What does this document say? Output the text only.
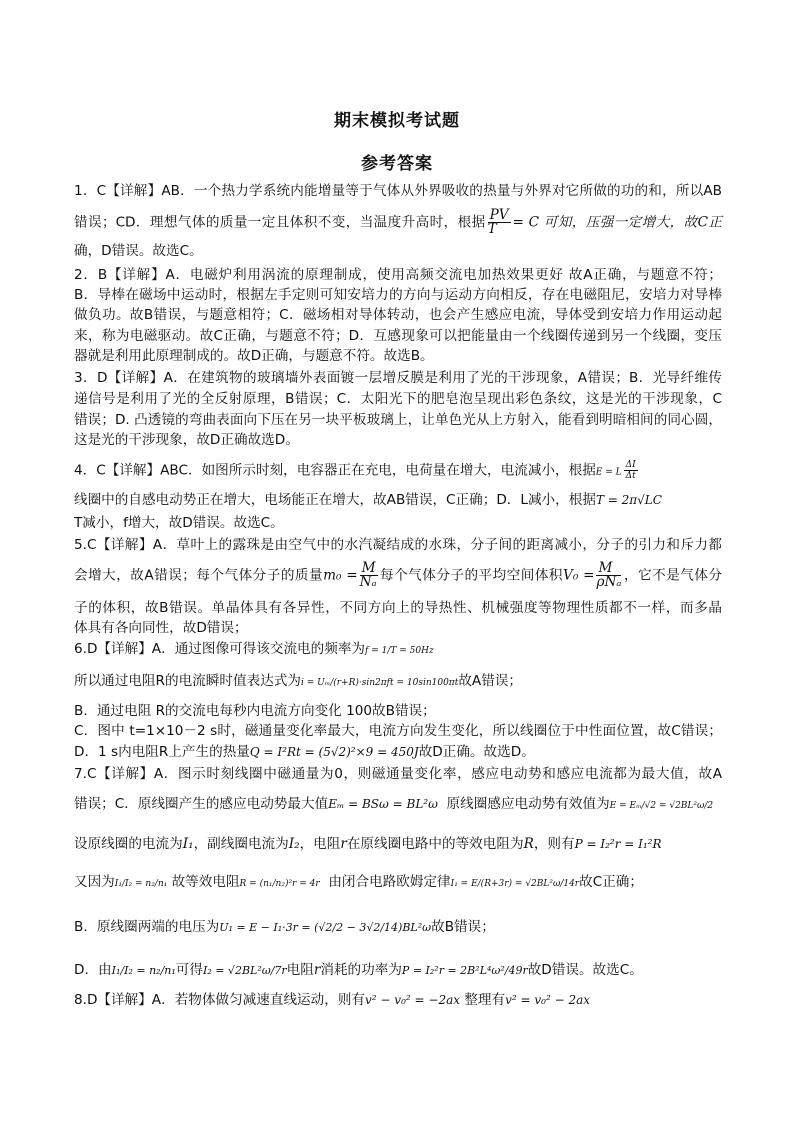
期末模拟考试题
参考答案
1．C【详解】AB．一个热力学系统内能增量等于气体从外界吸收的热量与外界对它所做的功的和，所以AB
错误；CD．理想气体的质量一定且体积不变，当温度升高时，根据 $\frac{PV}{T} = C$ 可知，压强一定增大，故C正
确，D错误。故选C。
2．B【详解】A．电磁炉利用涡流的原理制成，使用高频交流电加热效果更好 故A正确，与题意不符；
B．导棒在磁场中运动时，根据左手定则可知安培力的方向与运动方向相反，存在电磁阻尼，安培力对导棒
做负功。故B错误，与题意相符；C．磁场相对导体转动，也会产生感应电流，导体受到安培力作用运动起
来，称为电磁驱动。故C正确，与题意不符；D．互感现象可以把能量由一个线圈传递到另一个线圈，变压
器就是利用此原理制成的。故D正确，与题意不符。故选B。
3．D【详解】A．在建筑物的玻璃墙外表面镀一层增反膜是利用了光的干涉现象，A错误；B．光导纤维传
递信号是利用了光的全反射原理，B错误；C．太阳光下的肥皂泡呈现出彩色条纹，这是光的干涉现象，C
错误；D. 凸透镜的弯曲表面向下压在另一块平板玻璃上，让单色光从上方射入，能看到明暗相间的同心圆，
这是光的干涉现象，故D正确故选D。
4．C【详解】ABC．如图所示时刻，电容器正在充电，电荷量在增大，电流减小，根据E = L $\frac{\Delta I}{\Delta t}$
线圈中的自感电动势正在增大，电场能正在增大，故AB错误，C正确；D．L减小，根据T = 2π√LC
T减小，f增大，故D错误。故选C。
5.C【详解】A．草叶上的露珠是由空气中的水汽凝结成的水珠，分子间的距离减小，分子的引力和斥力都
会增大，故A错误；每个气体分子的质量$m_0 = \frac{M}{\text{Nₐ}}$ 每个气体分子的平均空间体积V₀ = M
ρNₐ ，它不是气体分
子的体积，故B错误。单晶体具有各异性，不同方向上的导热性、机械强度等物理性质都不一样，而多晶
体具有各向同性，故D错误；
6.D【详解】A．通过图像可得该交流电的频率为f = 1/T = 50Hz
所以通过电阻R的电流瞬时值表达式为i = Uₘ/(r+R)·sin2πft = 10sin100πt故A错误；
B．通过电阻 R的交流电每秒内电流方向变化 100故B错误；
C．图中 t=1×10－2 s时，磁通量变化率最大，电流方向发生变化，所以线圈位于中性面位置，故C错误；
D．1 s内电阻R上产生的热量Q = I²Rt = (5√2)²×9 = 450J故D正确。故选D。
7.C【详解】A．图示时刻线圈中磁通量为0，则磁通量变化率，感应电动势和感应电流都为最大值，故A
错误；C．原线圈产生的感应电动势最大值Eₘ = BSω = BL²ω 原线圈感应电动势有效值为E = Eₘ/√2 = √2BL²ω/2
设原线圈的电流为I₁，副线圈电流为I₂，电阻r在原线圈电路中的等效电阻为R，则有P = I₂²r = I₁²R
又因为I₁/I₂ = n₂/n₁ 故等效电阻R = (n₁/n₂)²r = 4r 由闭合电路欧姆定律I₁ = E/(R+3r) = √2BL²ω/14r故C正确；
B．原线圈两端的电压为U₁ = E − I₁·3r = (√2/2 − 3√2/14)BL²ω故B错误；
D．由I₁/I₂ = n₂/n₁可得I₂ = √2BL²ω/7r电阻r消耗的功率为P = I₂²r = 2B²L⁴ω²/49r故D错误。故选C。
8.D【详解】A．若物体做匀减速直线运动，则有v² − v₀² = −2ax 整理有v² = v₀² − 2ax
